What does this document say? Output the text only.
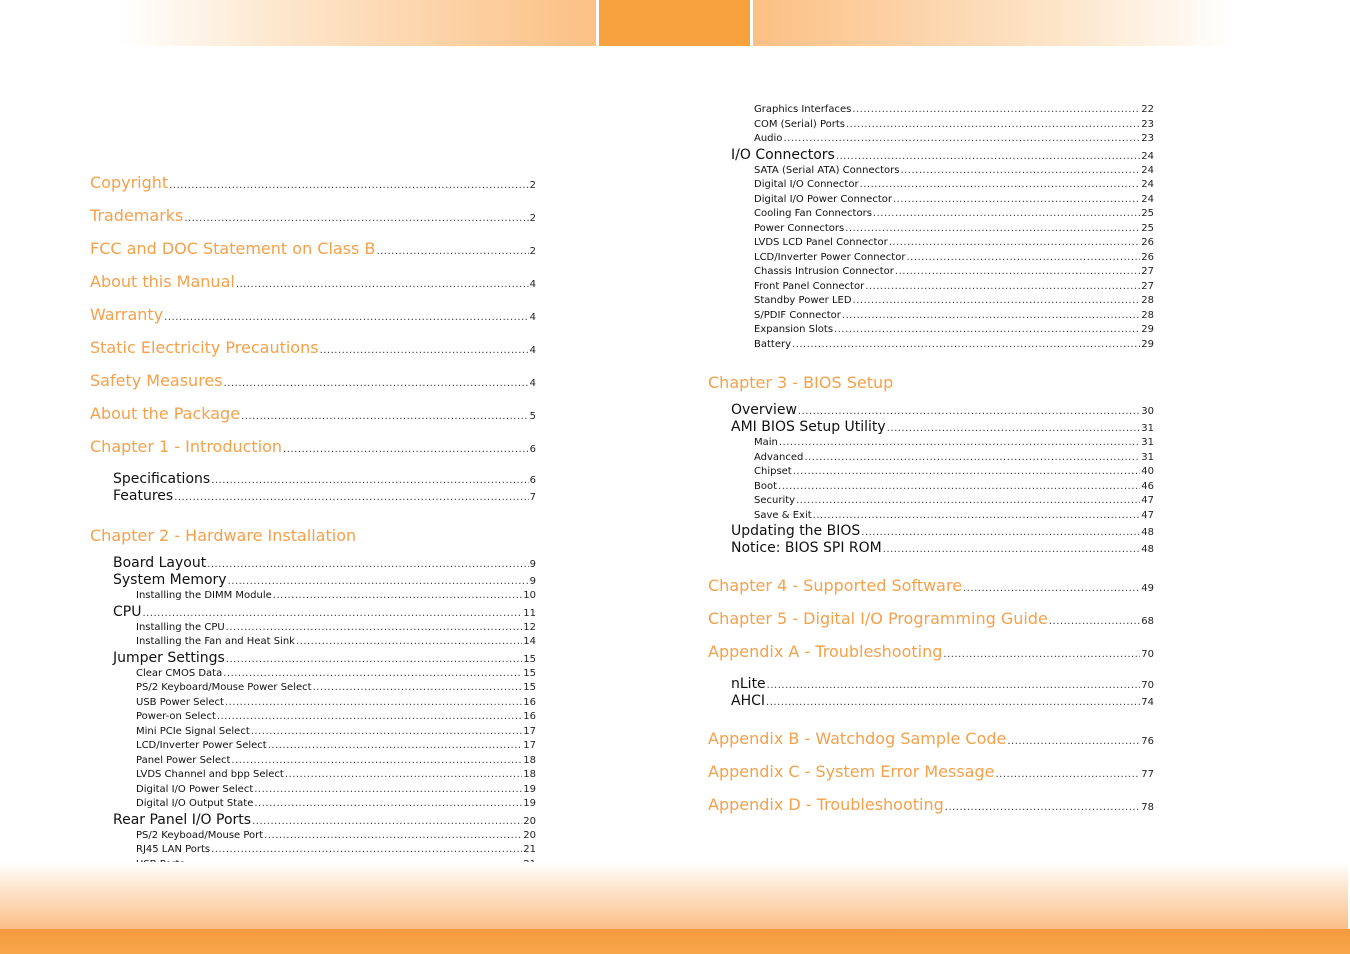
Copyright .....	2
Trademarks .....	2
FCC and DOC Statement on Class B .....	2
About this Manual .....	4
Warranty .....	4
Static Electricity Precautions .....	4
Safety Measures .....	4
About the Package .....	5
Chapter 1 - Introduction .....	6
Specifications .....	6
Features .....	7
Chapter 2 - Hardware Installation
Board Layout .....	9
System Memory .....	9
Installing the DIMM Module .....	10
CPU .....	11
Installing the CPU .....	12
Installing the Fan and Heat Sink .....	14
Jumper Settings .....	15
Clear CMOS Data .....	15
PS/2 Keyboard/Mouse Power Select .....	15
USB Power Select .....	16
Power-on Select .....	16
Mini PCIe Signal Select .....	17
LCD/Inverter Power Select .....	17
Panel Power Select .....	18
LVDS Channel and bpp Select .....	18
Digital I/O Power Select .....	19
Digital I/O Output State .....	19
Rear Panel I/O Ports .....	20
PS/2 Keyboad/Mouse Port .....	20
RJ45 LAN Ports .....	21
.....
Graphics Interfaces .....	22
COM (Serial) Ports .....	23
Audio .....	23
I/O Connectors .....	24
SATA (Serial ATA) Connectors .....	24
Digital I/O Connector .....	24
Digital I/O Power Connector .....	24
Cooling Fan Connectors .....	25
Power Connectors .....	25
LVDS LCD Panel Connector .....	26
LCD/Inverter Power Connector .....	26
Chassis Intrusion Connector .....	27
Front Panel Connector .....	27
Standby Power LED .....	28
S/PDIF Connector .....	28
Expansion Slots .....	29
Battery .....	29
Chapter 3 - BIOS Setup
Overview .....	30
AMI BIOS Setup Utility .....	31
Main .....	31
Advanced .....	31
Chipset .....	40
Boot .....	46
Security .....	47
Save & Exit .....	47
Updating the BIOS .....	48
Notice: BIOS SPI ROM .....	48
Chapter 4 - Supported Software .....	49
Chapter 5 - Digital I/O Programming Guide .....	68
Appendix A - Troubleshooting .....	70
nLite .....	70
AHCI .....	74
Appendix B - Watchdog Sample Code .....	76
Appendix C - System Error Message .....	77
Appendix D - Troubleshooting .....	78
